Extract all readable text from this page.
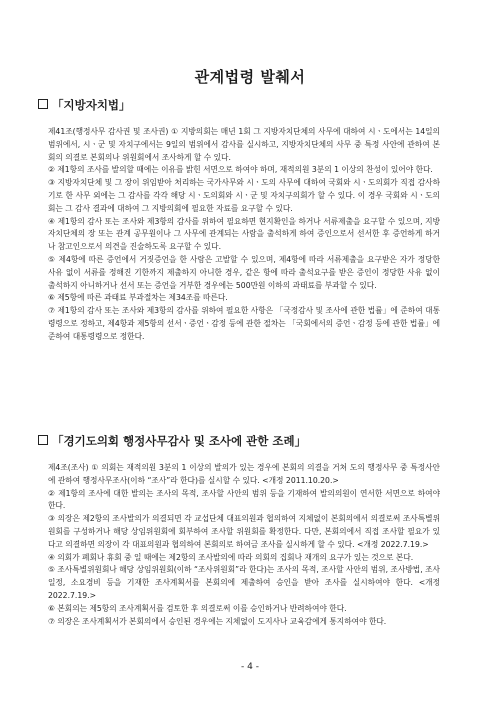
관계법령 발췌서
「지방자치법」

제41조(행정사무 감사권 및 조사권) ① 지방의회는 매년 1회 그 지방자치단체의 사무에 대하여 시ㆍ도에서는 14일의 범위에서, 시ㆍ군 및 자치구에서는 9일의 범위에서 감사를 실시하고, 지방자치단체의 사무 중 특정 사안에 관하여 본회의 의결로 본회의나 위원회에서 조사하게 할 수 있다.

② 제1항의 조사를 발의할 때에는 이유를 밝힌 서면으로 하여야 하며, 재적의원 3분의 1 이상의 찬성이 있어야 한다.

③ 지방자치단체 및 그 장이 위임받아 처리하는 국가사무와 시ㆍ도의 사무에 대하여 국회와 시ㆍ도의회가 직접 감사하기로 한 사무 외에는 그 감사를 각각 해당 시ㆍ도의회와 시ㆍ군 및 자치구의회가 할 수 있다. 이 경우 국회와 시ㆍ도의회는 그 감사 결과에 대하여 그 지방의회에 필요한 자료를 요구할 수 있다.

④ 제1항의 감사 또는 조사와 제3항의 감사를 위하여 필요하면 현지확인을 하거나 서류제출을 요구할 수 있으며, 지방자치단체의 장 또는 관계 공무원이나 그 사무에 관계되는 사람을 출석하게 하여 증인으로서 선서한 후 증언하게 하거나 참고인으로서 의견을 진술하도록 요구할 수 있다.

⑤ 제4항에 따른 증언에서 거짓증언을 한 사람은 고발할 수 있으며, 제4항에 따라 서류제출을 요구받은 자가 정당한 사유 없이 서류를 정해진 기한까지 제출하지 아니한 경우, 같은 항에 따라 출석요구를 받은 증인이 정당한 사유 없이 출석하지 아니하거나 선서 또는 증언을 거부한 경우에는 500만원 이하의 과태료를 부과할 수 있다.

⑥ 제5항에 따른 과태료 부과절차는 제34조를 따른다.

⑦ 제1항의 감사 또는 조사와 제3항의 감사를 위하여 필요한 사항은 「국정감사 및 조사에 관한 법률」에 준하여 대통령령으로 정하고, 제4항과 제5항의 선서ㆍ증언ㆍ감정 등에 관한 절차는 「국회에서의 증언ㆍ감정 등에 관한 법률」에 준하여 대통령령으로 정한다.

「경기도의회 행정사무감사 및 조사에 관한 조례」

제4조(조사) ① 의회는 재적의원 3분의 1 이상의 발의가 있는 경우에 본회의 의결을 거쳐 도의 행정사무 중 특정사안에 관하여 행정사무조사(이하 “조사”라 한다)를 실시할 수 있다. <개정 2011.10.20.>

② 제1항의 조사에 대한 발의는 조사의 목적, 조사할 사안의 범위 등을 기재하여 발의의원이 연서한 서면으로 하여야 한다.

③ 의장은 제2항의 조사발의가 의결되면 각 교섭단체 대표의원과 협의하여 지체없이 본회의에서 의결로써 조사특별위원회를 구성하거나 해당 상임위원회에 회부하여 조사할 위원회를 확정한다. 다만, 본회의에서 직접 조사할 필요가 있다고 의결하면 의장이 각 대표의원과 협의하여 본회의로 하여금 조사를 실시하게 할 수 있다. <개정 2022.7.19.>

④ 의회가 폐회나 휴회 중 일 때에는 제2항의 조사발의에 따라 의회의 집회나 재개의 요구가 있는 것으로 본다.

⑤ 조사특별위원회나 해당 상임위원회(이하 “조사위원회”라 한다)는 조사의 목적, 조사할 사안의 범위, 조사방법, 조사일정, 소요경비 등을 기재한 조사계획서를 본회의에 제출하여 승인을 받아 조사를 실시하여야 한다. <개정 2022.7.19.>

⑥ 본회의는 제5항의 조사계획서를 검토한 후 의결로써 이를 승인하거나 반려하여야 한다.

⑦ 의장은 조사계획서가 본회의에서 승인된 경우에는 지체없이 도지사나 교육감에게 통지하여야 한다.

- 4 -
